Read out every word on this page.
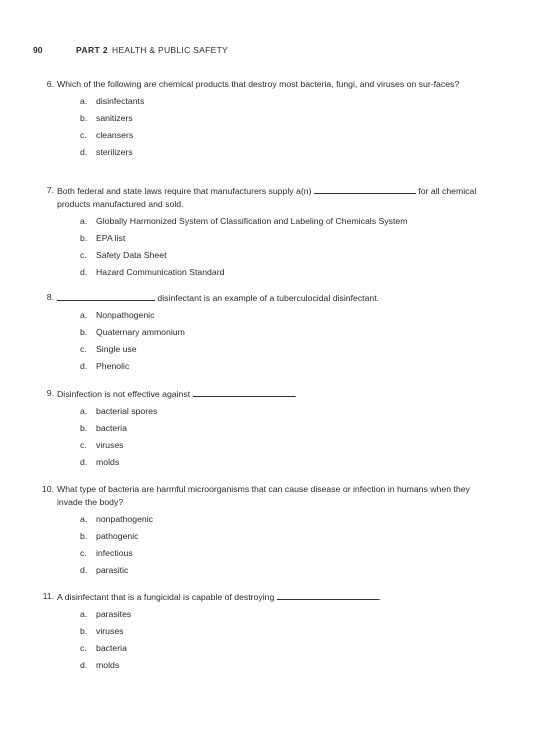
90	PART 2 HEALTH & PUBLIC SAFETY
6. Which of the following are chemical products that destroy most bacteria, fungi, and viruses on sur-faces?
a. disinfectants
b. sanitizers
c. cleansers
d. sterilizers
7. Both federal and state laws require that manufacturers supply a(n)	for all chemical products manufactured and sold.
a. Globally Harmonized System of Classification and Labeling of Chemicals System
b. EPA list
c. Safety Data Sheet
d. Hazard Communication Standard
8.	disinfectant is an example of a tuberculocidal disinfectant.
a. Nonpathogenic
b. Quaternary ammonium
c. Single use
d. Phenolic
9. Disinfection is not effective against	.
a. bacterial spores
b. bacteria
c. viruses
d. molds
10. What type of bacteria are harmful microorganisms that can cause disease or infection in humans when they invade the body?
a. nonpathogenic
b. pathogenic
c. infectious
d. parasitic
11. A disinfectant that is a fungicidal is capable of destroying	.
a. parasites
b. viruses
c. bacteria
d. molds
